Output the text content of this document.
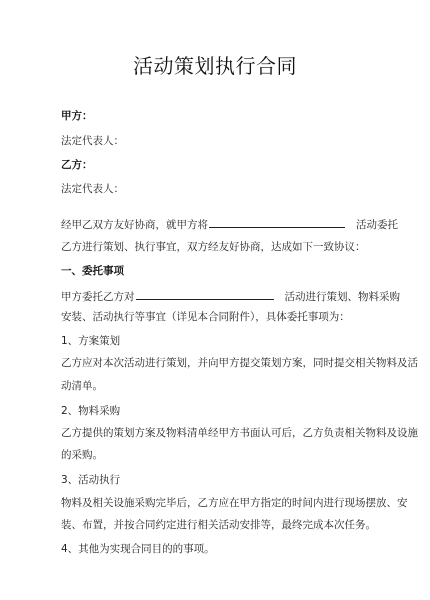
活动策划执行合同
甲方：
法定代表人：
乙方：
法定代表人：
经甲乙双方友好协商，就甲方将	活动委托
乙方进行策划、执行事宜，双方经友好协商，达成如下一致协议：
一、委托事项
甲方委托乙方对	活动进行策划、物料采购
安装、活动执行等事宜（详见本合同附件），具体委托事项为：
1、方案策划
乙方应对本次活动进行策划，并向甲方提交策划方案，同时提交相关物料及活
动清单。
2、物料采购
乙方提供的策划方案及物料清单经甲方书面认可后，乙方负责相关物料及设施
的采购。
3、活动执行
物料及相关设施采购完毕后，乙方应在甲方指定的时间内进行现场摆放、安
装、布置，并按合同约定进行相关活动安排等，最终完成本次任务。
4、其他为实现合同目的的事项。
